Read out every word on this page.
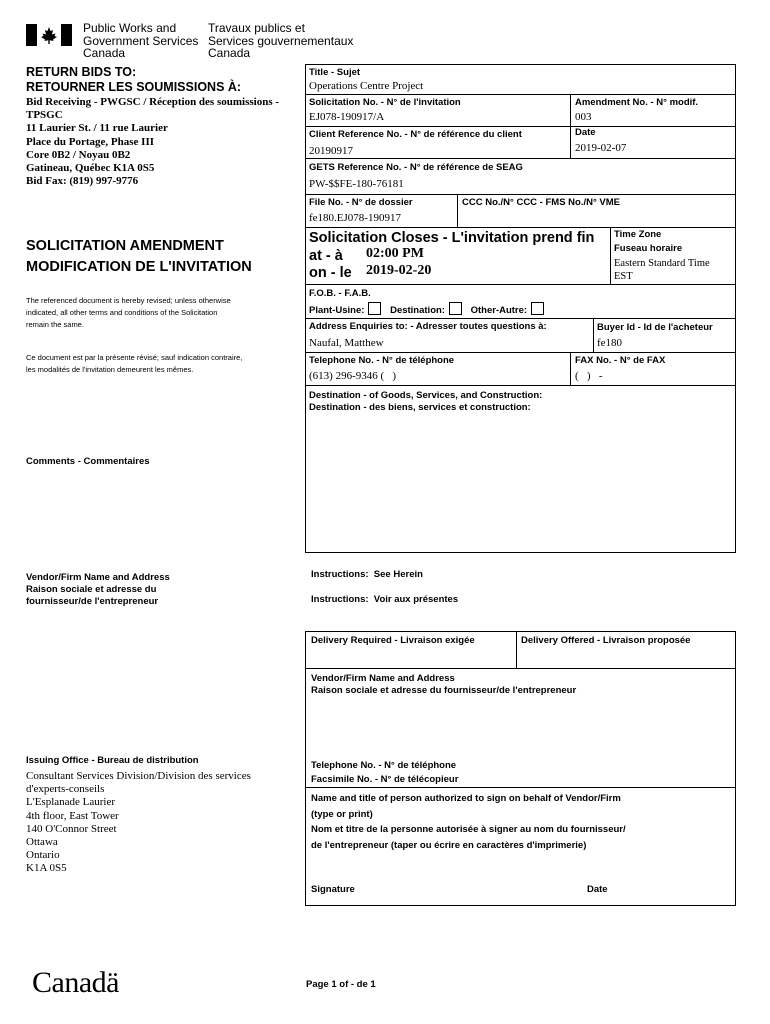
Public Works and
Government Services
Canada
Travaux publics et
Services gouvernementaux
Canada
RETURN BIDS TO:
RETOURNER LES SOUMISSIONS À:
Bid Receiving - PWGSC / Réception des soumissions -
TPSGC
11 Laurier St. / 11 rue Laurier
Place du Portage, Phase III
Core 0B2 / Noyau 0B2
Gatineau, Québec K1A 0S5
Bid Fax: (819) 997-9776
SOLICITATION AMENDMENT
MODIFICATION DE L'INVITATION
The referenced document is hereby revised; unless otherwise
indicated, all other terms and conditions of the Solicitation
remain the same.
Ce document est par la présente révisé; sauf indication contraire,
les modalités de l'invitation demeurent les mêmes.
Comments - Commentaires
Vendor/Firm Name and Address
Raison sociale et adresse du
fournisseur/de l'entrepreneur
Issuing Office - Bureau de distribution
Consultant Services Division/Division des services
d'experts-conseils
L'Esplanade Laurier
4th floor, East Tower
140 O'Connor Street
Ottawa
Ontario
K1A 0S5
Title - Sujet
Operations Centre Project
Solicitation No. - N° de l'invitation
EJ078-190917/A
Amendment No. - N° modif.
003
Client Reference No. - N° de référence du client
20190917
Date
2019-02-07
GETS Reference No. - N° de référence de SEAG
PW-$$FE-180-76181
File No. - N° de dossier
fe180.EJ078-190917
CCC No./N° CCC - FMS No./N° VME
Solicitation Closes - L'invitation prend fin
at - à 02:00 PM
on - le 2019-02-20
Time Zone
Fuseau horaire
Eastern Standard Time
EST
F.O.B. - F.A.B.
Plant-Usine:	Destination:	Other-Autre:
Address Enquiries to: - Adresser toutes questions à:
Naufal, Matthew
Buyer Id - Id de l'acheteur
fe180
Telephone No. - N° de téléphone
(613) 296-9346 (   )
FAX No. - N° de FAX
(   )   -
Destination - of Goods, Services, and Construction:
Destination - des biens, services et construction:
Instructions:  See Herein
Instructions:  Voir aux présentes
Delivery Required - Livraison exigée	Delivery Offered - Livraison proposée
Vendor/Firm Name and Address
Raison sociale et adresse du fournisseur/de l'entrepreneur
Telephone No. - N° de téléphone
Facsimile No. - N° de télécopieur
Name and title of person authorized to sign on behalf of Vendor/Firm
(type or print)
Nom et titre de la personne autorisée à signer au nom du fournisseur/
de l'entrepreneur (taper ou écrire en caractères d'imprimerie)
Signature	Date
Canadä	Page 1 of - de 1
